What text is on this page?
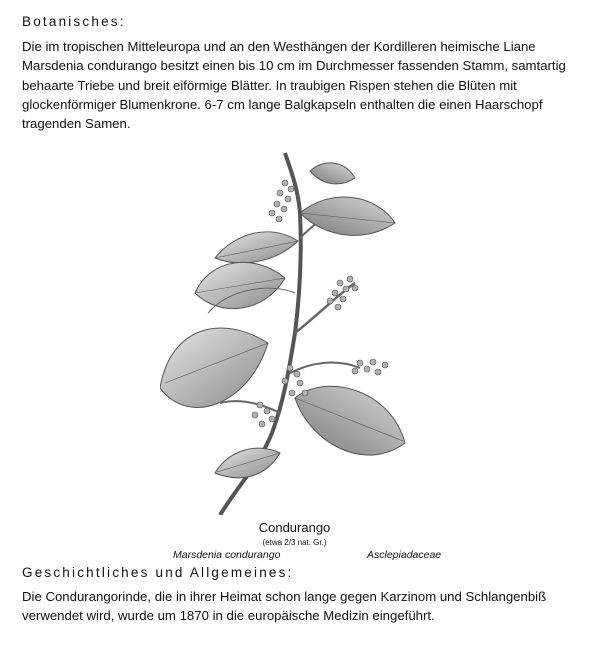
Botanisches:

Die im tropischen Mitteleuropa und an den Westhängen der Kordilleren heimische Liane Marsdenia condurango besitzt einen bis 10 cm im Durchmesser fassenden Stamm, samtartig behaarte Triebe und breit eiförmige Blätter. In traubigen Rispen stehen die Blüten mit glockenförmiger Blumenkrone. 6-7 cm lange Balgkapseln enthalten die einen Haarschopf tragenden Samen.

Condurango

(etwa 2/3 nat. Gr.)

Marsdenia condurango	Asclepiadaceae

Geschichtliches und Allgemeines:

Die Condurangorinde, die in ihrer Heimat schon lange gegen Karzinom und Schlangenbiß verwendet wird, wurde um 1870 in die europäische Medizin eingeführt.
